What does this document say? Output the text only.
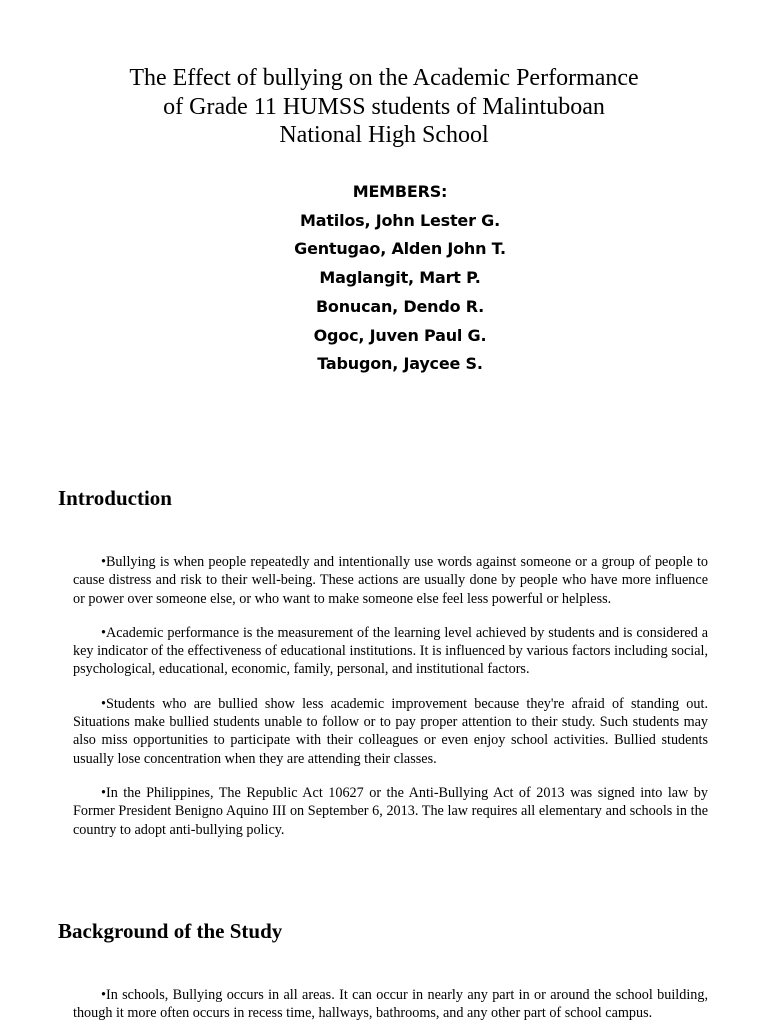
The Effect of bullying on the Academic Performance
of Grade 11 HUMSS students of Malintuboan
National High School
MEMBERS:
Matilos, John Lester G.
Gentugao, Alden John T.
Maglangit, Mart P.
Bonucan, Dendo R.
Ogoc, Juven Paul G.
Tabugon, Jaycee S.
Introduction

•Bullying is when people repeatedly and intentionally use words against someone or a group of people to cause distress and risk to their well-being. These actions are usually done by people who have more influence or power over someone else, or who want to make someone else feel less powerful or helpless.

•Academic performance is the measurement of the learning level achieved by students and is considered a key indicator of the effectiveness of educational institutions. It is influenced by various factors including social, psychological, educational, economic, family, personal, and institutional factors.

•Students who are bullied show less academic improvement because they're afraid of standing out. Situations make bullied students unable to follow or to pay proper attention to their study. Such students may also miss opportunities to participate with their colleagues or even enjoy school activities. Bullied students usually lose concentration when they are attending their classes.

•In the Philippines, The Republic Act 10627 or the Anti-Bullying Act of 2013 was signed into law by Former President Benigno Aquino III on September 6, 2013. The law requires all elementary and schools in the country to adopt anti-bullying policy.

Background of the Study

•In schools, Bullying occurs in all areas. It can occur in nearly any part in or around the school building, though it more often occurs in recess time, hallways, bathrooms, and any other part of school campus.
